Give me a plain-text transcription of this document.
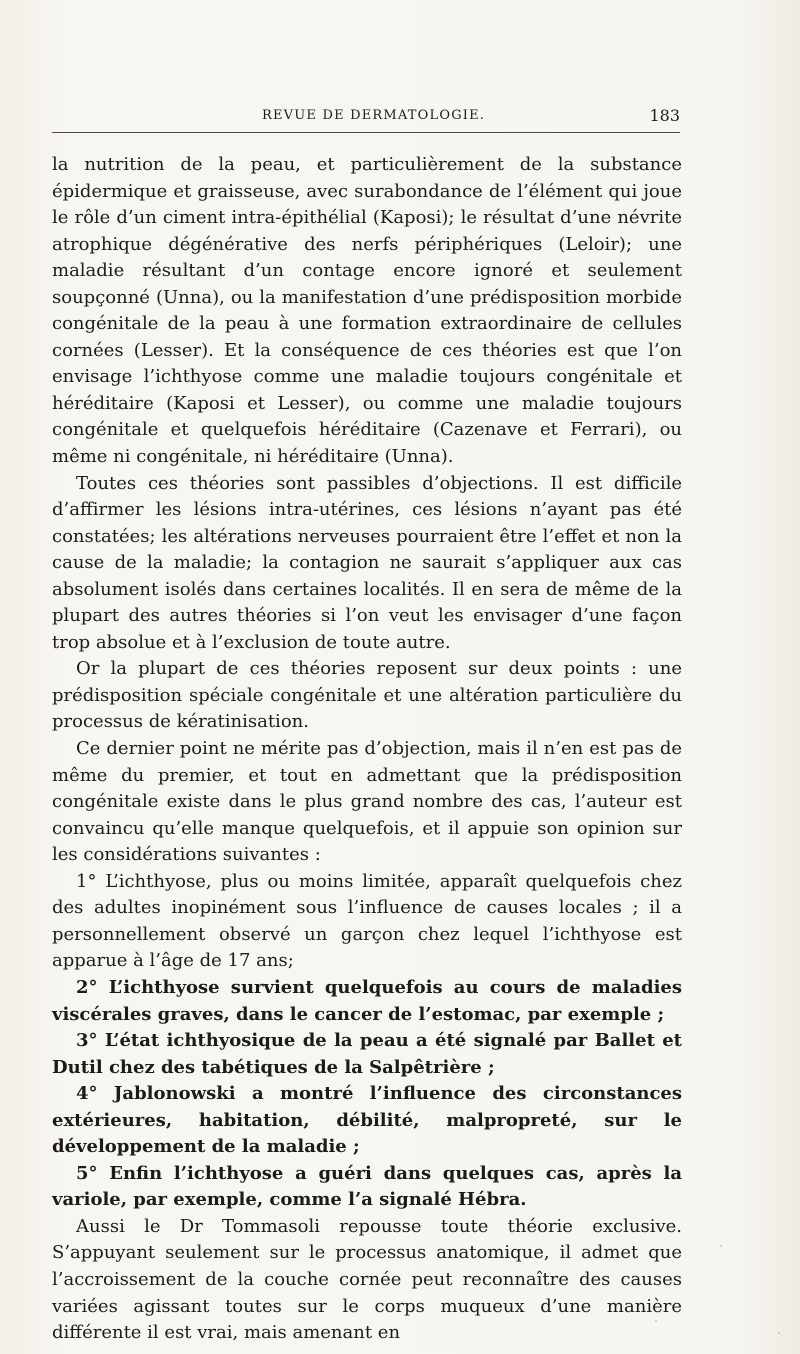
REVUE DE DERMATOLOGIE.	183

la nutrition de la peau, et particulièrement de la substance épidermique et graisseuse, avec surabondance de l’élément qui joue le rôle d’un ciment intra-épithélial (Kaposi); le résultat d’une névrite atrophique dégénérative des nerfs périphériques (Leloir); une maladie résultant d’un contage encore ignoré et seulement soupçonné (Unna), ou la manifestation d’une prédisposition morbide congénitale de la peau à une formation extraordinaire de cellules cornées (Lesser). Et la conséquence de ces théories est que l’on envisage l’ichthyose comme une maladie toujours congénitale et héréditaire (Kaposi et Lesser), ou comme une maladie toujours congénitale et quelquefois héréditaire (Cazenave et Ferrari), ou même ni congénitale, ni héréditaire (Unna).

Toutes ces théories sont passibles d’objections. Il est difficile d’affirmer les lésions intra-utérines, ces lésions n’ayant pas été constatées; les altérations nerveuses pourraient être l’effet et non la cause de la maladie; la contagion ne saurait s’appliquer aux cas absolument isolés dans certaines localités. Il en sera de même de la plupart des autres théories si l’on veut les envisager d’une façon trop absolue et à l’exclusion de toute autre.

Or la plupart de ces théories reposent sur deux points : une prédisposition spéciale congénitale et une altération particulière du processus de kératinisation.

Ce dernier point ne mérite pas d’objection, mais il n’en est pas de même du premier, et tout en admettant que la prédisposition congénitale existe dans le plus grand nombre des cas, l’auteur est convaincu qu’elle manque quelquefois, et il appuie son opinion sur les considérations suivantes :

1° L’ichthyose, plus ou moins limitée, apparaît quelquefois chez des adultes inopinément sous l’influence de causes locales ; il a personnellement observé un garçon chez lequel l’ichthyose est apparue à l’âge de 17 ans;

2° L’ichthyose survient quelquefois au cours de maladies viscérales graves, dans le cancer de l’estomac, par exemple ;

3° L’état ichthyosique de la peau a été signalé par Ballet et Dutil chez des tabétiques de la Salpêtrière ;

4° Jablonowski a montré l’influence des circonstances extérieures, habitation, débilité, malpropreté, sur le développement de la maladie ;

5° Enfin l’ichthyose a guéri dans quelques cas, après la variole, par exemple, comme l’a signalé Hébra.

Aussi le Dr Tommasoli repousse toute théorie exclusive. S’appuyant seulement sur le processus anatomique, il admet que l’accroissement de la couche cornée peut reconnaître des causes variées agissant toutes sur le corps muqueux d’une manière différente il est vrai, mais amenant en
